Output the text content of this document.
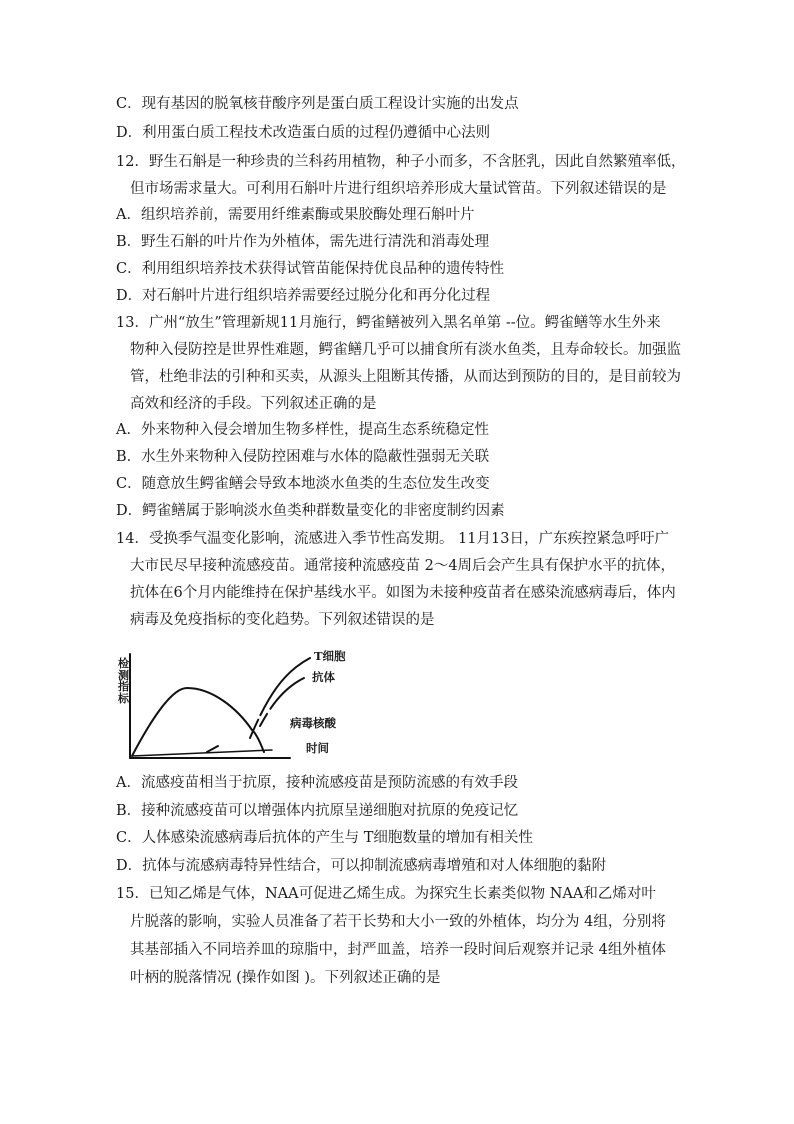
C．现有基因的脱氧核苷酸序列是蛋白质工程设计实施的出发点
D．利用蛋白质工程技术改造蛋白质的过程仍遵循中心法则
12．野生石斛是一种珍贵的兰科药用植物，种子小而多，不含胚乳，因此自然繁殖率低，
但市场需求量大。可利用石斛叶片进行组织培养形成大量试管苗。下列叙述错误的是
A．组织培养前，需要用纤维素酶或果胶酶处理石斛叶片
B．野生石斛的叶片作为外植体，需先进行清洗和消毒处理
C．利用组织培养技术获得试管苗能保持优良品种的遗传特性
D．对石斛叶片进行组织培养需要经过脱分化和再分化过程
13．广州“放生”管理新规11月施行，鳄雀鳝被列入黑名单第 --位。鳄雀鳝等水生外来
物种入侵防控是世界性难题，鳄雀鳝几乎可以捕食所有淡水鱼类，且寿命较长。加强监
管，杜绝非法的引种和买卖，从源头上阻断其传播，从而达到预防的目的，是目前较为
高效和经济的手段。下列叙述正确的是
A．外来物种入侵会增加生物多样性，提高生态系统稳定性
B．水生外来物种入侵防控困难与水体的隐蔽性强弱无关联
C．随意放生鳄雀鳝会导致本地淡水鱼类的生态位发生改变
D．鳄雀鳝属于影响淡水鱼类种群数量变化的非密度制约因素
14．受换季气温变化影响，流感进入季节性高发期。 11月13日，广东疾控紧急呼吁广
大市民尽早接种流感疫苗。通常接种流感疫苗 2～4周后会产生具有保护水平的抗体，
抗体在6个月内能维持在保护基线水平。如图为未接种疫苗者在感染流感病毒后，体内
病毒及免疫指标的变化趋势。下列叙述错误的是
A．流感疫苗相当于抗原，接种流感疫苗是预防流感的有效手段
B．接种流感疫苗可以增强体内抗原呈递细胞对抗原的免疫记忆
C．人体感染流感病毒后抗体的产生与 T细胞数量的增加有相关性
D．抗体与流感病毒特异性结合，可以抑制流感病毒增殖和对人体细胞的黏附
15．已知乙烯是气体，NAA可促进乙烯生成。为探究生长素类似物 NAA和乙烯对叶
片脱落的影响，实验人员准备了若干长势和大小一致的外植体，均分为 4组，分别将
其基部插入不同培养皿的琼脂中，封严皿盖，培养一段时间后观察并记录 4组外植体
叶柄的脱落情况 (操作如图 )。下列叙述正确的是
检测指标
T细胞
抗体
病毒核酸
时间
